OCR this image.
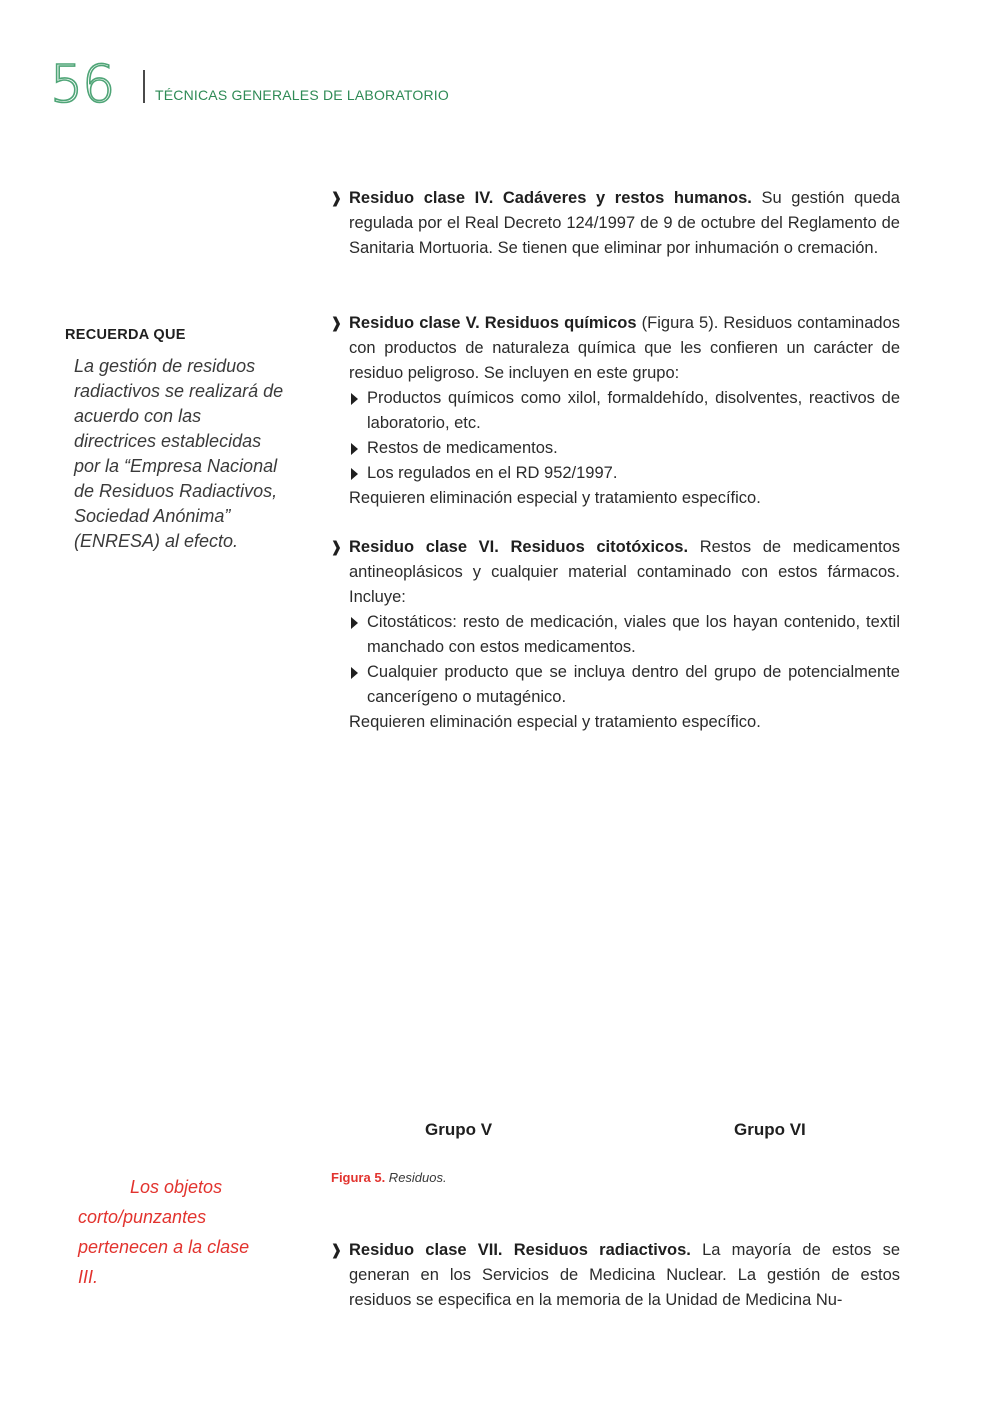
56	TÉCNICAS GENERALES DE LABORATORIO
❱ Residuo clase IV. Cadáveres y restos humanos. Su gestión queda regulada por el Real Decreto 124/1997 de 9 de octubre del Reglamento de Sanitaria Mortuoria. Se tienen que eliminar por inhumación o cremación.

❱ Residuo clase V. Residuos químicos (Figura 5). Residuos contaminados con productos de naturaleza química que les confieren un carácter de residuo peligroso. Se incluyen en este grupo:

Productos químicos como xilol, formaldehído, disolventes, reactivos de laboratorio, etc.

Restos de medicamentos.

Los regulados en el RD 952/1997.

Requieren eliminación especial y tratamiento específico.

❱ Residuo clase VI. Residuos citotóxicos. Restos de medicamentos antineoplásicos y cualquier material contaminado con estos fármacos. Incluye:

Citostáticos: resto de medicación, viales que los hayan contenido, textil manchado con estos medicamentos.

Cualquier producto que se incluya dentro del grupo de potencialmente cancerígeno o mutagénico.

Requieren eliminación especial y tratamiento específico.

RECUERDA QUE
La gestión de residuos radiactivos se realizará de acuerdo con las directrices establecidas por la “Empresa Nacional de Residuos Radiactivos, Sociedad Anónima” (ENRESA) al efecto.
Grupo V	Grupo VI
Figura 5. Residuos.
Los objetos corto/punzantes pertenecen a la clase III.
❱ Residuo clase VII. Residuos radiactivos. La mayoría de estos se generan en los Servicios de Medicina Nuclear. La gestión de estos residuos se especifica en la memoria de la Unidad de Medicina Nu-
